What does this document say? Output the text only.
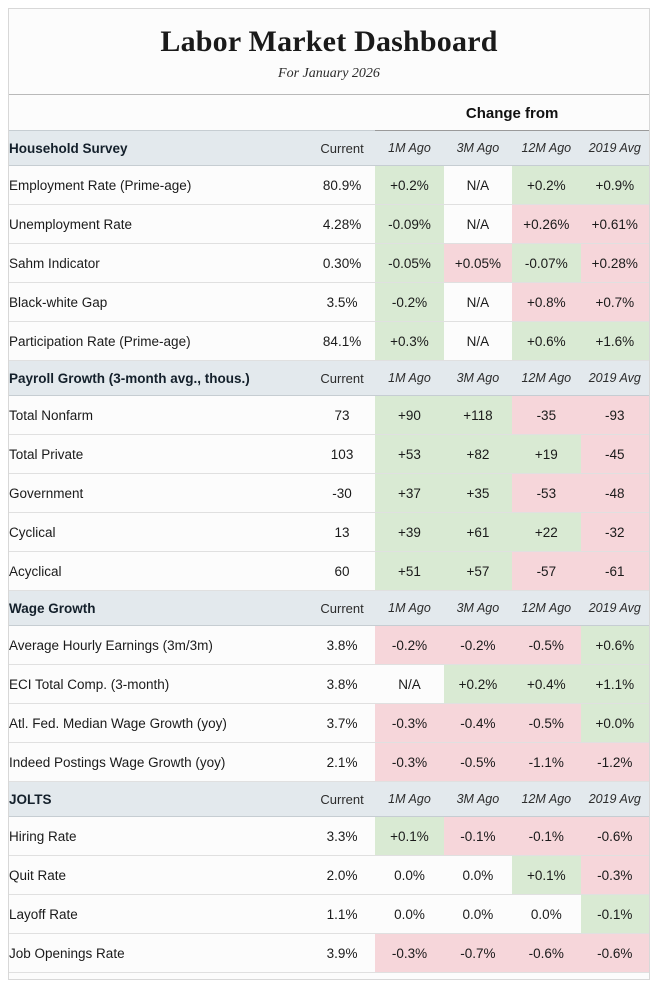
Labor Market Dashboard
For January 2026

		Change from			
Household Survey	Current	1M Ago	3M Ago	12M Ago	2019 Avg
Employment Rate (Prime-age)	80.9%	+0.2%	N/A	+0.2%	+0.9%
Unemployment Rate	4.28%	-0.09%	N/A	+0.26%	+0.61%
Sahm Indicator	0.30%	-0.05%	+0.05%	-0.07%	+0.28%
Black-white Gap	3.5%	-0.2%	N/A	+0.8%	+0.7%
Participation Rate (Prime-age)	84.1%	+0.3%	N/A	+0.6%	+1.6%
Payroll Growth (3-month avg., thous.)	Current	1M Ago	3M Ago	12M Ago	2019 Avg
Total Nonfarm	73	+90	+118	-35	-93
Total Private	103	+53	+82	+19	-45
Government	-30	+37	+35	-53	-48
Cyclical	13	+39	+61	+22	-32
Acyclical	60	+51	+57	-57	-61
Wage Growth	Current	1M Ago	3M Ago	12M Ago	2019 Avg
Average Hourly Earnings (3m/3m)	3.8%	-0.2%	-0.2%	-0.5%	+0.6%
ECI Total Comp. (3-month)	3.8%	N/A	+0.2%	+0.4%	+1.1%
Atl. Fed. Median Wage Growth (yoy)	3.7%	-0.3%	-0.4%	-0.5%	+0.0%
Indeed Postings Wage Growth (yoy)	2.1%	-0.3%	-0.5%	-1.1%	-1.2%
JOLTS	Current	1M Ago	3M Ago	12M Ago	2019 Avg
Hiring Rate	3.3%	+0.1%	-0.1%	-0.1%	-0.6%
Quit Rate	2.0%	0.0%	0.0%	+0.1%	-0.3%
Layoff Rate	1.1%	0.0%	0.0%	0.0%	-0.1%
Job Openings Rate	3.9%	-0.3%	-0.7%	-0.6%	-0.6%
